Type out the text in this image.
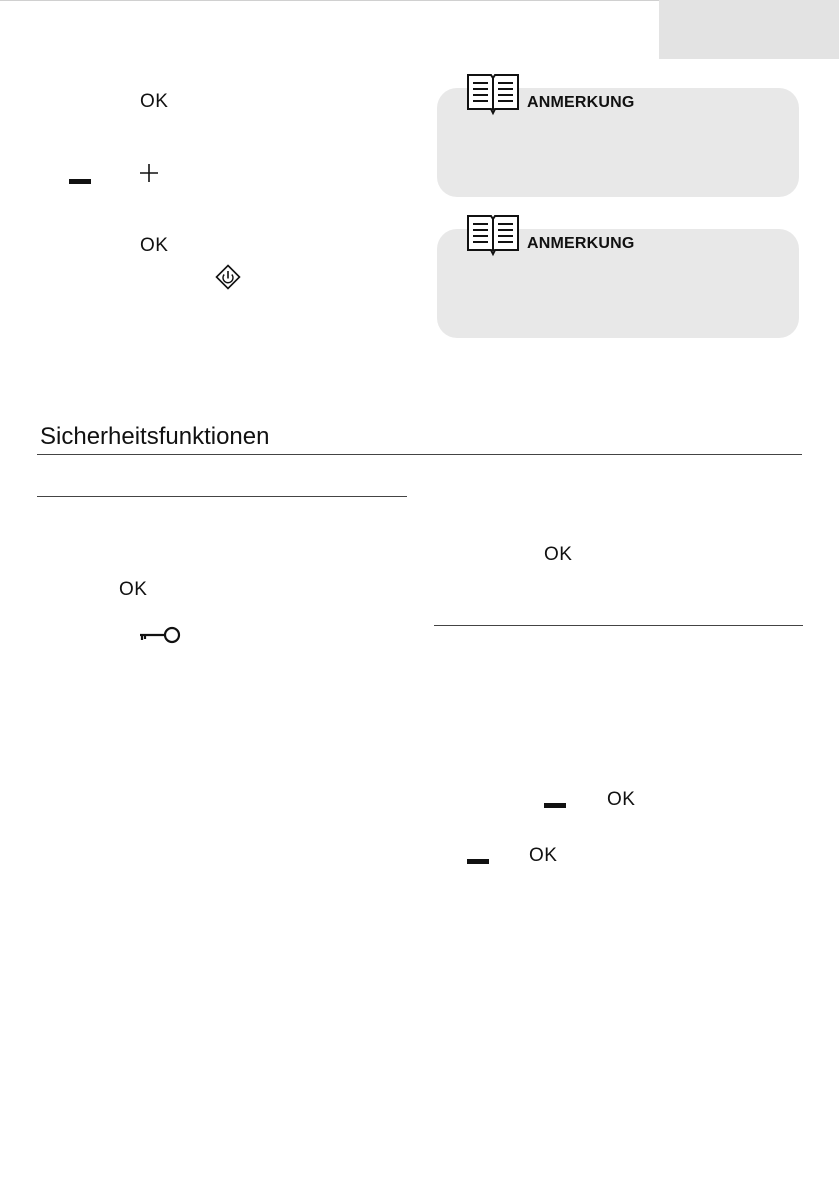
OK
OK
ANMERKUNG
ANMERKUNG
Sicherheitsfunktionen
OK
OK
OK
OK
